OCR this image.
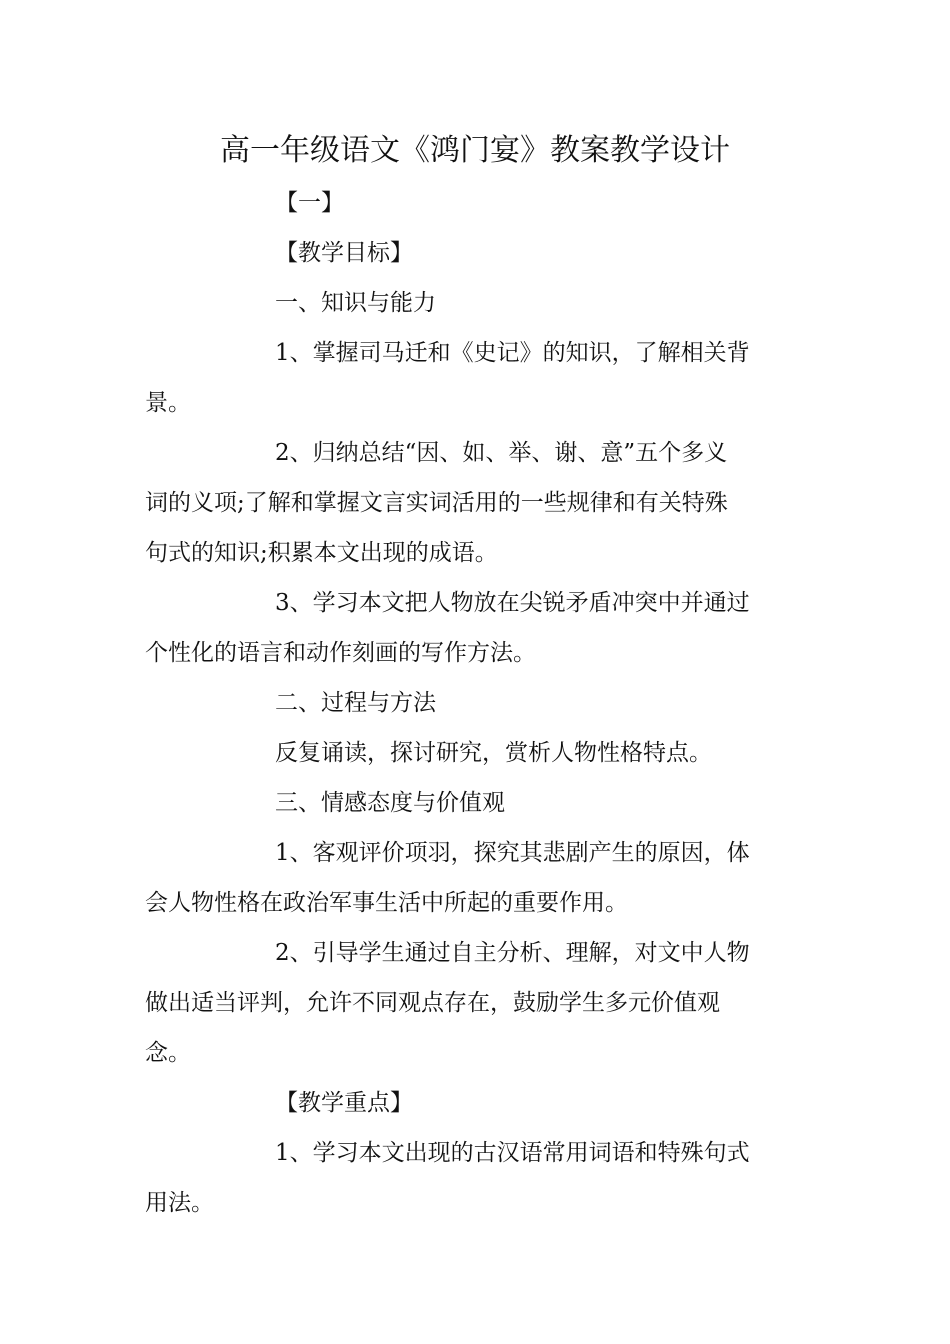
高一年级语文《鸿门宴》教案教学设计
【一】
【教学目标】
一、知识与能力
1、掌握司马迁和《史记》的知识，了解相关背
景。
2、归纳总结“因、如、举、谢、意”五个多义
词的义项;了解和掌握文言实词活用的一些规律和有关特殊
句式的知识;积累本文出现的成语。
3、学习本文把人物放在尖锐矛盾冲突中并通过
个性化的语言和动作刻画的写作方法。
二、过程与方法
反复诵读，探讨研究，赏析人物性格特点。
三、情感态度与价值观
1、客观评价项羽，探究其悲剧产生的原因，体
会人物性格在政治军事生活中所起的重要作用。
2、引导学生通过自主分析、理解，对文中人物
做出适当评判，允许不同观点存在，鼓励学生多元价值观
念。
【教学重点】
1、学习本文出现的古汉语常用词语和特殊句式
用法。
